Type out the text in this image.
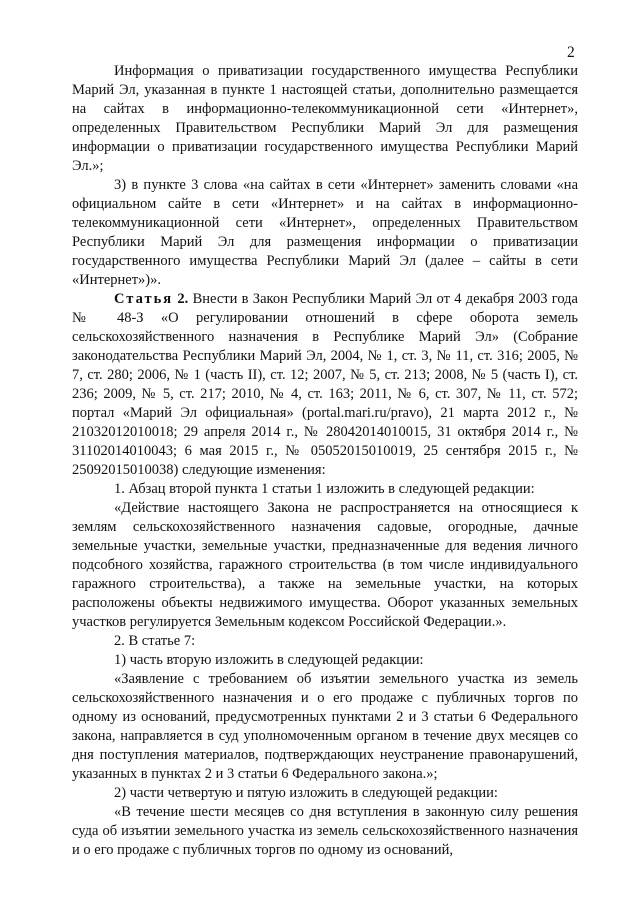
2

Информация о приватизации государственного имущества Республики Марий Эл, указанная в пункте 1 настоящей статьи, дополнительно размещается на сайтах в информационно-телекоммуникационной сети «Интернет», определенных Правительством Республики Марий Эл для размещения информации о приватизации государственного имущества Республики Марий Эл.»;

3) в пункте 3 слова «на сайтах в сети «Интернет» заменить словами «на официальном сайте в сети «Интернет» и на сайтах в информационно-телекоммуникационной сети «Интернет», определенных Правительством Республики Марий Эл для размещения информации о приватизации государственного имущества Республики Марий Эл (далее – сайты в сети «Интернет»)».

Статья 2. Внести в Закон Республики Марий Эл от 4 декабря 2003 года № 48-З «О регулировании отношений в сфере оборота земель сельскохозяйственного назначения в Республике Марий Эл» (Собрание законодательства Республики Марий Эл, 2004, № 1, ст. 3, № 11, ст. 316; 2005, № 7, ст. 280; 2006, № 1 (часть II), ст. 12; 2007, № 5, ст. 213; 2008, № 5 (часть I), ст. 236; 2009, № 5, ст. 217; 2010, № 4, ст. 163; 2011, № 6, ст. 307, № 11, ст. 572; портал «Марий Эл официальная» (portal.mari.ru/pravo), 21 марта 2012 г., № 21032012010018; 29 апреля 2014 г., № 28042014010015, 31 октября 2014 г., № 31102014010043; 6 мая 2015 г., № 05052015010019, 25 сентября 2015 г., № 25092015010038) следующие изменения:

1. Абзац второй пункта 1 статьи 1 изложить в следующей редакции:

«Действие настоящего Закона не распространяется на относящиеся к землям сельскохозяйственного назначения садовые, огородные, дачные земельные участки, земельные участки, предназначенные для ведения личного подсобного хозяйства, гаражного строительства (в том числе индивидуального гаражного строительства), а также на земельные участки, на которых расположены объекты недвижимого имущества. Оборот указанных земельных участков регулируется Земельным кодексом Российской Федерации.».

2. В статье 7:

1) часть вторую изложить в следующей редакции:

«Заявление с требованием об изъятии земельного участка из земель сельскохозяйственного назначения и о его продаже с публичных торгов по одному из оснований, предусмотренных пунктами 2 и 3 статьи 6 Федерального закона, направляется в суд уполномоченным органом в течение двух месяцев со дня поступления материалов, подтверждающих неустранение правонарушений, указанных в пунктах 2 и 3 статьи 6 Федерального закона.»;

2) части четвертую и пятую изложить в следующей редакции:

«В течение шести месяцев со дня вступления в законную силу решения суда об изъятии земельного участка из земель сельскохозяйственного назначения и о его продаже с публичных торгов по одному из оснований,
